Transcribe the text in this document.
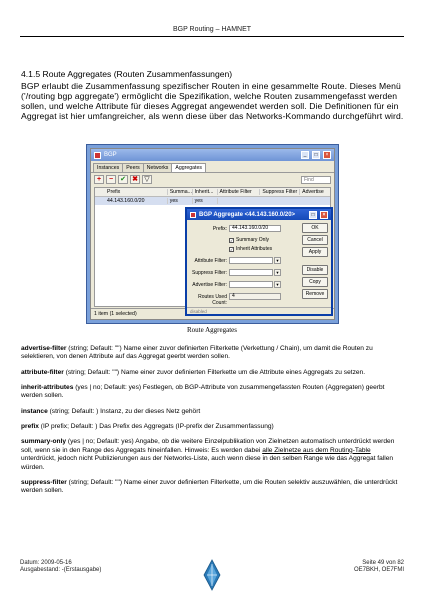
BGP Routing – HAMNET
4.1.5 Route Aggregates (Routen Zusammenfassungen)
BGP erlaubt die Zusammenfassung spezifischer Routen in eine gesammelte Route. Dieses Menü ('/routing bgp aggregate') ermöglicht die Spezifikation, welche Routen zusammengefasst werden sollen, und welche Attribute für dieses Aggregat angewendet werden soll. Die Definitionen für ein Aggregat ist hier umfangreicher, als wenn diese über das Networks-Kommando durchgeführt wird.
BGP	_	□	×
Instances	Peers	Networks	Aggregates
+	−	✔ ✖ ▽	Find
Prefix	Summa... Inherit...	Attribute Filter	Suppress Filter Advertise
44.143.160.0/20	yes	yes
1 item (1 selected)
BGP Aggregate <44.143.160.0/20>	□	×
Prefix:	44.143.160.0/20
✓ Summary Only
✓ Inherit Attributes
Attribute Filter:	▼
Suppress Filter:	▼
Advertise Filter:	▼
Routes Used Count:
4
OK
Cancel
Apply
Disable
Copy
Remove
disabled
Route Aggregates
advertise-filter (string; Default: "") Name einer zuvor definierten Filterkette (Verkettung / Chain), um damit die Routen zu selektieren, von denen Attribute auf das Aggregat geerbt werden sollen.
attribute-filter (string; Default: "") Name einer zuvor definierten Filterkette um die Attribute eines Aggregats zu setzen.
inherit-attributes (yes | no; Default: yes) Festlegen, ob BGP-Attribute von zusammengefassten Routen (Aggregaten) geerbt werden sollen.
instance (string; Default: ) Instanz, zu der dieses Netz gehört
prefix (IP prefix; Default: ) Das Prefix des Aggregats (IP-prefix der Zusammenfassung)
summary-only (yes | no; Default: yes) Angabe, ob die weitere Einzelpublikation von Zielnetzen automatisch unterdrückt werden soll, wenn sie in den Range des Aggregats hineinfallen. Hinweis: Es werden dabei alle Zielnetze aus dem Routing-Table unterdrückt, jedoch nicht Publizierungen aus der Networks-Liste, auch wenn diese in den selben Range wie das Aggregat fallen würden.
suppress-filter (string; Default: "") Name einer zuvor definierten Filterkette, um die Routen selektiv auszuwählen, die unterdrückt werden sollen.
Datum: 2009-05-16
Ausgabestand: -(Erstausgabe)
Seite 49 von 82
OE7BKH, OE7FMI
